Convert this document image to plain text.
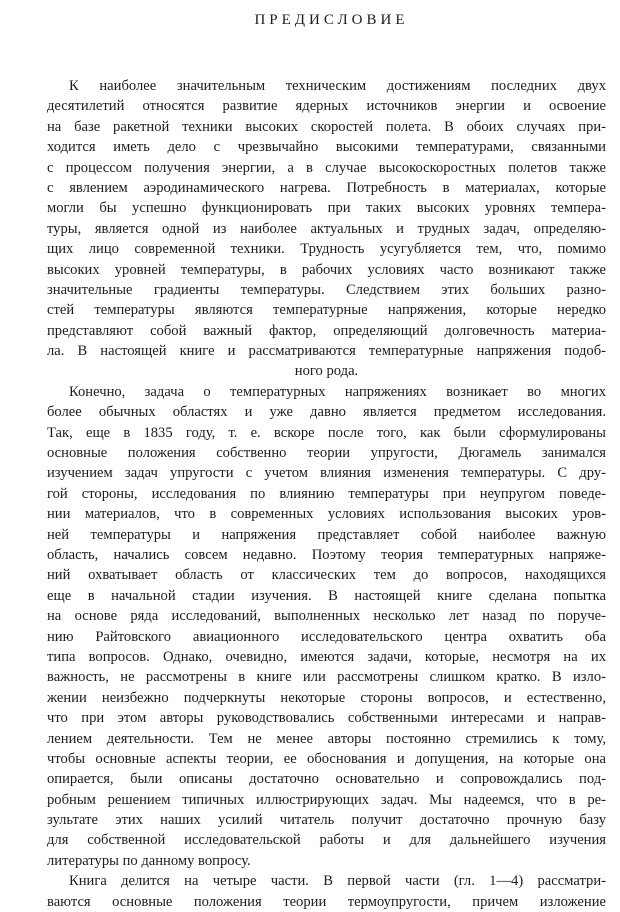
ПРЕДИСЛОВИЕ
К наиболее значительным техническим достижениям последних двух
десятилетий относятся развитие ядерных источников энергии и освоение
на базе ракетной техники высоких скоростей полета. В обоих случаях при-
ходится иметь дело с чрезвычайно высокими температурами, связанными
с процессом получения энергии, а в случае высокоскоростных полетов также
с явлением аэродинамического нагрева. Потребность в материалах, которые
могли бы успешно функционировать при таких высоких уровнях темпера-
туры, является одной из наиболее актуальных и трудных задач, определяю-
щих лицо современной техники. Трудность усугубляется тем, что, помимо
высоких уровней температуры, в рабочих условиях часто возникают также
значительные градиенты температуры. Следствием этих больших разно-
стей температуры являются температурные напряжения, которые нередко
представляют собой важный фактор, определяющий долговечность материа-
ла. В настоящей книге и рассматриваются температурные напряжения подоб-
ного рода.
Конечно, задача о температурных напряжениях возникает во многих
более обычных областях и уже давно является предметом исследования.
Так, еще в 1835 году, т. е. вскоре после того, как были сформулированы
основные положения собственно теории упругости, Дюгамель занимался
изучением задач упругости с учетом влияния изменения температуры. С дру-
гой стороны, исследования по влиянию температуры при неупругом поведе-
нии материалов, что в современных условиях использования высоких уров-
ней температуры и напряжения представляет собой наиболее важную
область, начались совсем недавно. Поэтому теория температурных напряже-
ний охватывает область от классических тем до вопросов, находящихся
еще в начальной стадии изучения. В настоящей книге сделана попытка
на основе ряда исследований, выполненных несколько лет назад по поруче-
нию Райтовского авиационного исследовательского центра охватить оба
типа вопросов. Однако, очевидно, имеются задачи, которые, несмотря на их
важность, не рассмотрены в книге или рассмотрены слишком кратко. В изло-
жении неизбежно подчеркнуты некоторые стороны вопросов, и естественно,
что при этом авторы руководствовались собственными интересами и направ-
лением деятельности. Тем не менее авторы постоянно стремились к тому,
чтобы основные аспекты теории, ее обоснования и допущения, на которые она
опирается, были описаны достаточно основательно и сопровождались под-
робным решением типичных иллюстрирующих задач. Мы надеемся, что в ре-
зультате этих наших усилий читатель получит достаточно прочную базу
для собственной исследовательской работы и для дальнейшего изучения
литературы по данному вопросу.
Книга делится на четыре части. В первой части (гл. 1—4) рассматри-
ваются основные положения теории термоупругости, причем изложение
